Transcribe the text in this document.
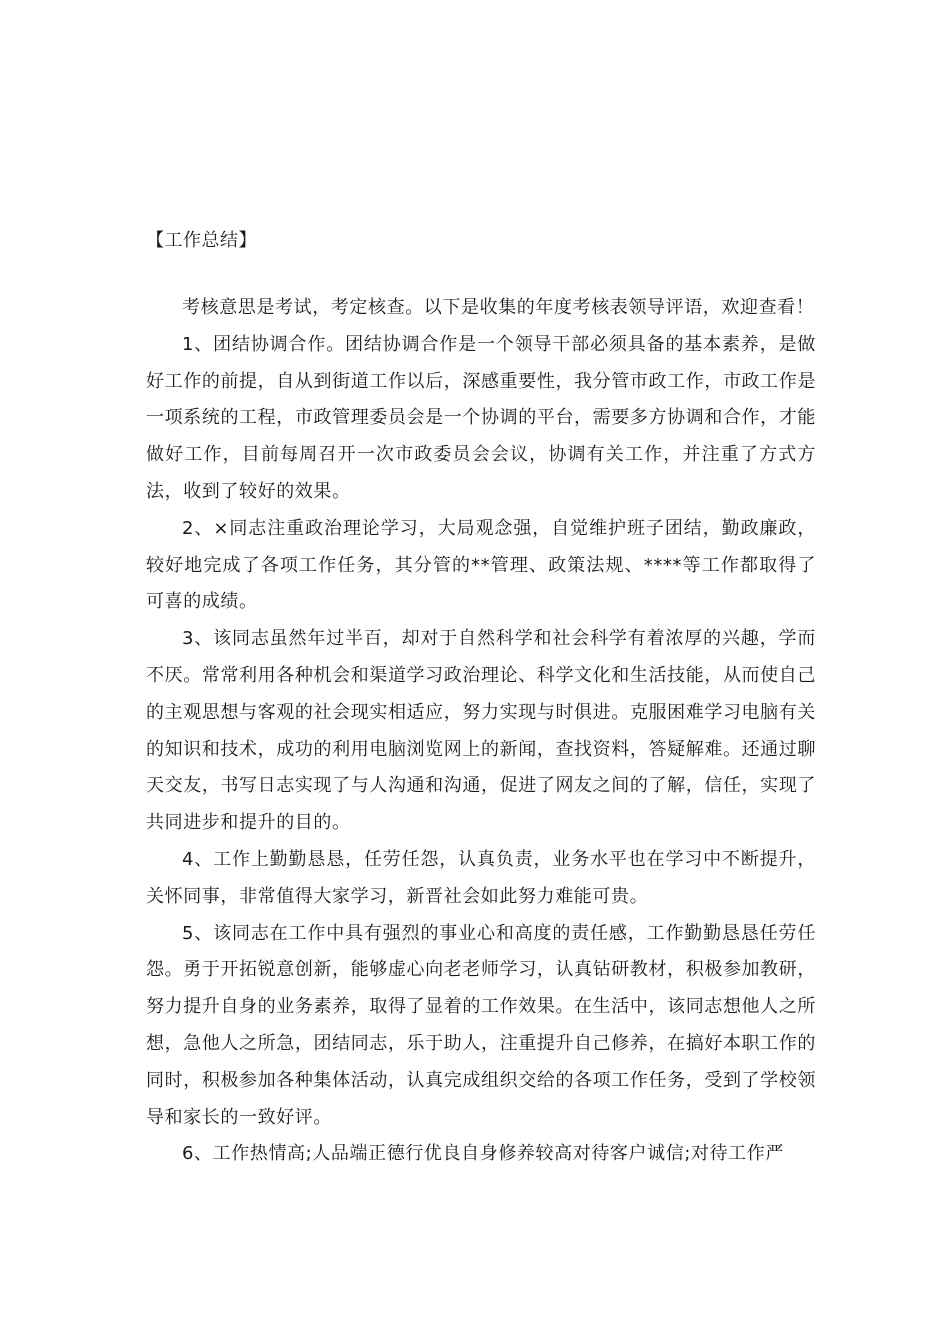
【工作总结】

考核意思是考试，考定核查。以下是收集的年度考核表领导评语，欢迎查看！

1、团结协调合作。团结协调合作是一个领导干部必须具备的基本素养，是做好工作的前提，自从到街道工作以后，深感重要性，我分管市政工作，市政工作是一项系统的工程，市政管理委员会是一个协调的平台，需要多方协调和合作，才能做好工作，目前每周召开一次市政委员会会议，协调有关工作，并注重了方式方法，收到了较好的效果。

2、×同志注重政治理论学习，大局观念强，自觉维护班子团结，勤政廉政，较好地完成了各项工作任务，其分管的**管理、政策法规、****等工作都取得了可喜的成绩。

3、该同志虽然年过半百，却对于自然科学和社会科学有着浓厚的兴趣，学而不厌。常常利用各种机会和渠道学习政治理论、科学文化和生活技能，从而使自己的主观思想与客观的社会现实相适应，努力实现与时俱进。克服困难学习电脑有关的知识和技术，成功的利用电脑浏览网上的新闻，查找资料，答疑解难。还通过聊天交友，书写日志实现了与人沟通和沟通，促进了网友之间的了解，信任，实现了共同进步和提升的目的。

4、工作上勤勤恳恳，任劳任怨，认真负责，业务水平也在学习中不断提升，关怀同事，非常值得大家学习，新晋社会如此努力难能可贵。

5、该同志在工作中具有强烈的事业心和高度的责任感，工作勤勤恳恳任劳任怨。勇于开拓锐意创新，能够虚心向老老师学习，认真钻研教材，积极参加教研，努力提升自身的业务素养，取得了显着的工作效果。在生活中，该同志想他人之所想，急他人之所急，团结同志，乐于助人，注重提升自己修养，在搞好本职工作的同时，积极参加各种集体活动，认真完成组织交给的各项工作任务，受到了学校领导和家长的一致好评。

6、工作热情高;人品端正德行优良自身修养较高对待客户诚信;对待工作严
